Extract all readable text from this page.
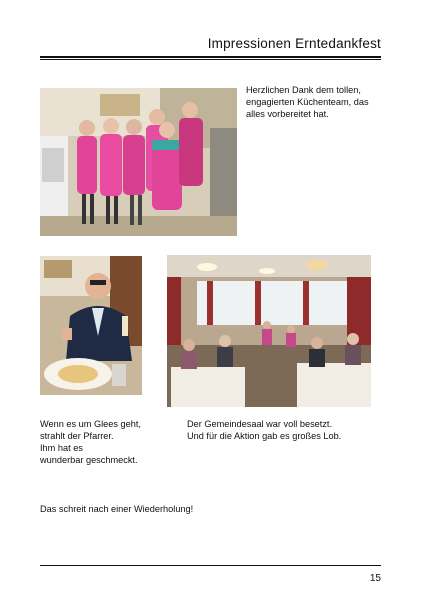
Impressionen Erntedankfest
Herzlichen Dank dem tollen,
engagierten Küchenteam, das
alles vorbereitet hat.
Wenn es um Glees geht,
strahlt der Pfarrer.
Ihm hat es
wunderbar geschmeckt.
Der Gemeindesaal war voll besetzt.
Und für die Aktion gab es großes Lob.
Das schreit nach einer Wiederholung!
15
